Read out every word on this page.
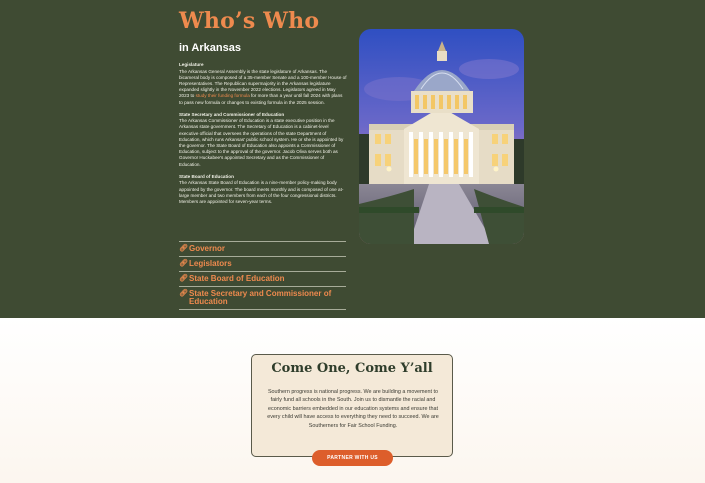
Who’s Who
in Arkansas
Legislature

The Arkansas General Assembly is the state legislature of Arkansas. The bicameral body is composed of a 35-member Senate and a 100-member House of Representatives. The Republican supermajority in the Arkansas legislature expanded slightly in the November 2022 elections. Legislators agreed in May 2023 to study their funding formula for more than a year until fall 2024 with plans to pass new formula or changes to existing formula in the 2025 session.

State Secretary and Commissioner of Education

The Arkansas Commissioner of Education is a state executive position in the Arkansas state government. The Secretary of Education is a cabinet-level executive official that oversees the operations of the state Department of Education, which runs Arkansas' public school system. He or she is appointed by the governor. The State Board of Education also appoints a Commissioner of Education, subject to the approval of the governor. Jacob Oliva serves both as Governor Huckabee's appointed Secretary and as the Commissioner of Education.

State Board of Education

The Arkansas State Board of Education is a nine-member policy-making body appointed by the governor. The board meets monthly and is composed of one at-large member and two members from each of the four congressional districts. Members are appointed for seven-year terms.

🔗︎ Governor
🔗︎ Legislators
🔗︎ State Board of Education
🔗︎ State Secretary and Commissioner of Education
Come One, Come Y’all
Southern progress is national progress. We are building a movement to fairly fund all schools in the South. Join us to dismantle the racial and economic barriers embedded in our education systems and ensure that every child will have access to everything they need to succeed. We are Southerners for Fair School Funding.
PARTNER WITH US
